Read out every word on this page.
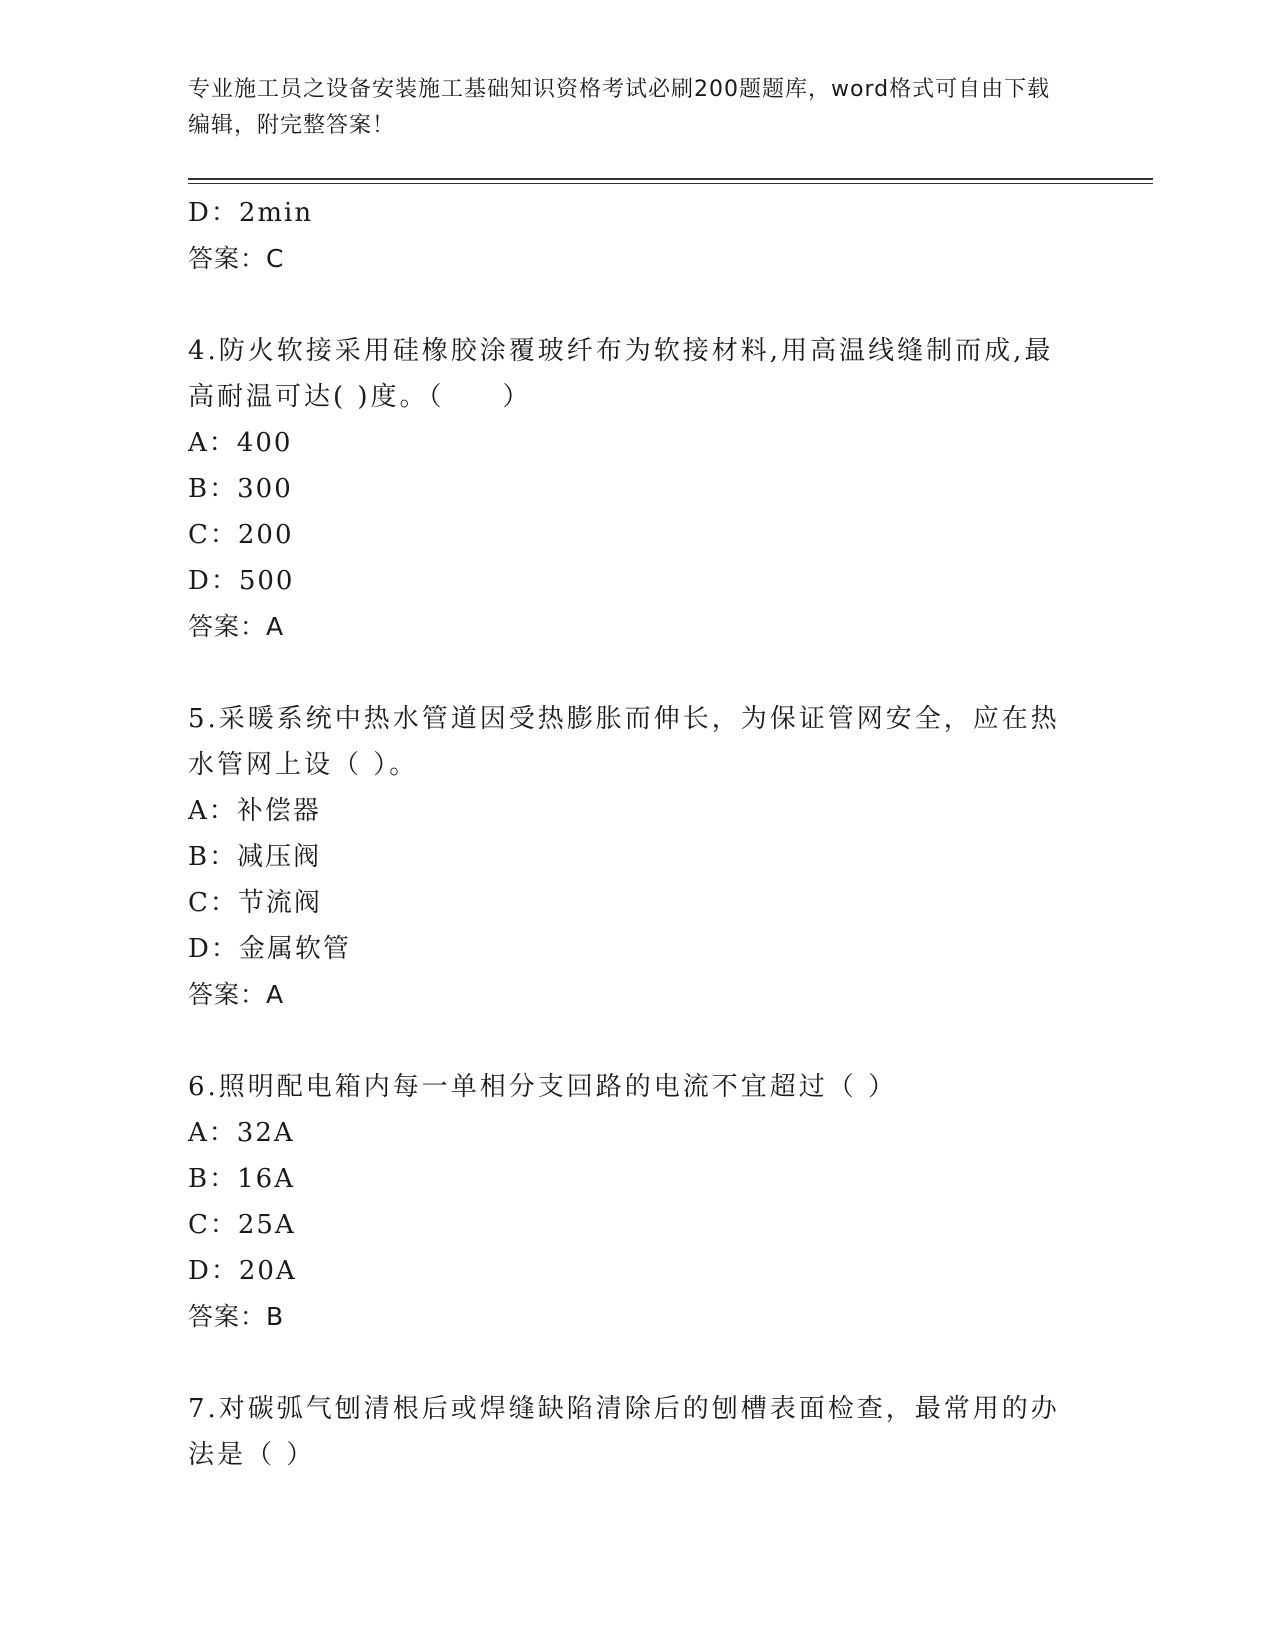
专业施工员之设备安装施工基础知识资格考试必刷200题题库，word格式可自由下载编辑，附完整答案！
D：2min
答案：C
4.防火软接采用硅橡胶涂覆玻纤布为软接材料,用高温线缝制而成,最高耐温可达( )度。（　　）
A：400
B：300
C：200
D：500
答案：A
5.采暖系统中热水管道因受热膨胀而伸长，为保证管网安全，应在热水管网上设（ ）。
A：补偿器
B：减压阀
C：节流阀
D：金属软管
答案：A
6.照明配电箱内每一单相分支回路的电流不宜超过（ ）
A：32A
B：16A
C：25A
D：20A
答案：B
7.对碳弧气刨清根后或焊缝缺陷清除后的刨槽表面检查，最常用的办法是（ ）
